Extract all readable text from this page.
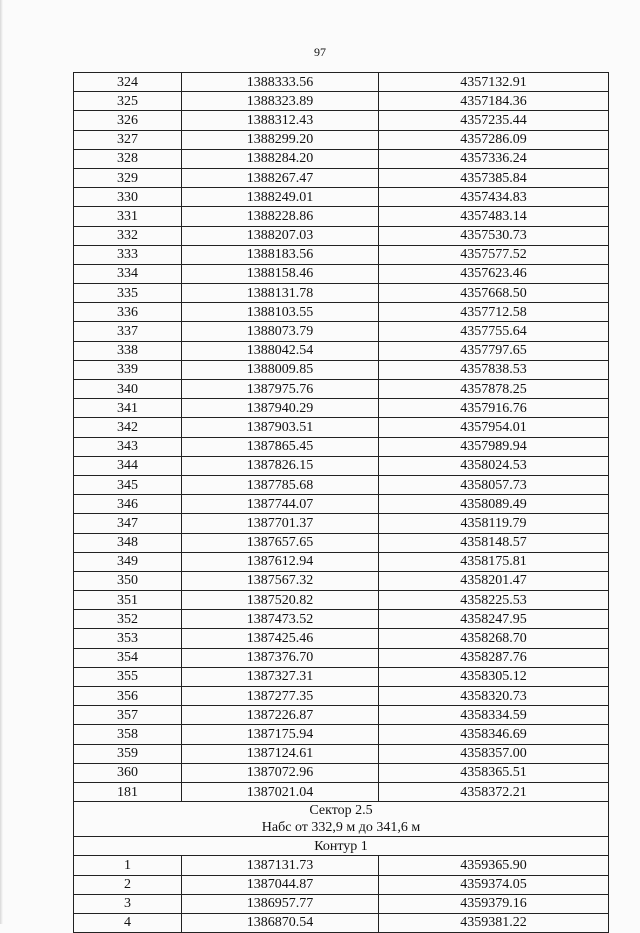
97
324	1388333.56	4357132.91
325	1388323.89	4357184.36
326	1388312.43	4357235.44
327	1388299.20	4357286.09
328	1388284.20	4357336.24
329	1388267.47	4357385.84
330	1388249.01	4357434.83
331	1388228.86	4357483.14
332	1388207.03	4357530.73
333	1388183.56	4357577.52
334	1388158.46	4357623.46
335	1388131.78	4357668.50
336	1388103.55	4357712.58
337	1388073.79	4357755.64
338	1388042.54	4357797.65
339	1388009.85	4357838.53
340	1387975.76	4357878.25
341	1387940.29	4357916.76
342	1387903.51	4357954.01
343	1387865.45	4357989.94
344	1387826.15	4358024.53
345	1387785.68	4358057.73
346	1387744.07	4358089.49
347	1387701.37	4358119.79
348	1387657.65	4358148.57
349	1387612.94	4358175.81
350	1387567.32	4358201.47
351	1387520.82	4358225.53
352	1387473.52	4358247.95
353	1387425.46	4358268.70
354	1387376.70	4358287.76
355	1387327.31	4358305.12
356	1387277.35	4358320.73
357	1387226.87	4358334.59
358	1387175.94	4358346.69
359	1387124.61	4358357.00
360	1387072.96	4358365.51
181	1387021.04	4358372.21

Сектор 2.5
Набс от 332,9 м до 341,6 м		

Контур 1		
1	1387131.73	4359365.90
2	1387044.87	4359374.05
3	1386957.77	4359379.16
4	1386870.54	4359381.22
